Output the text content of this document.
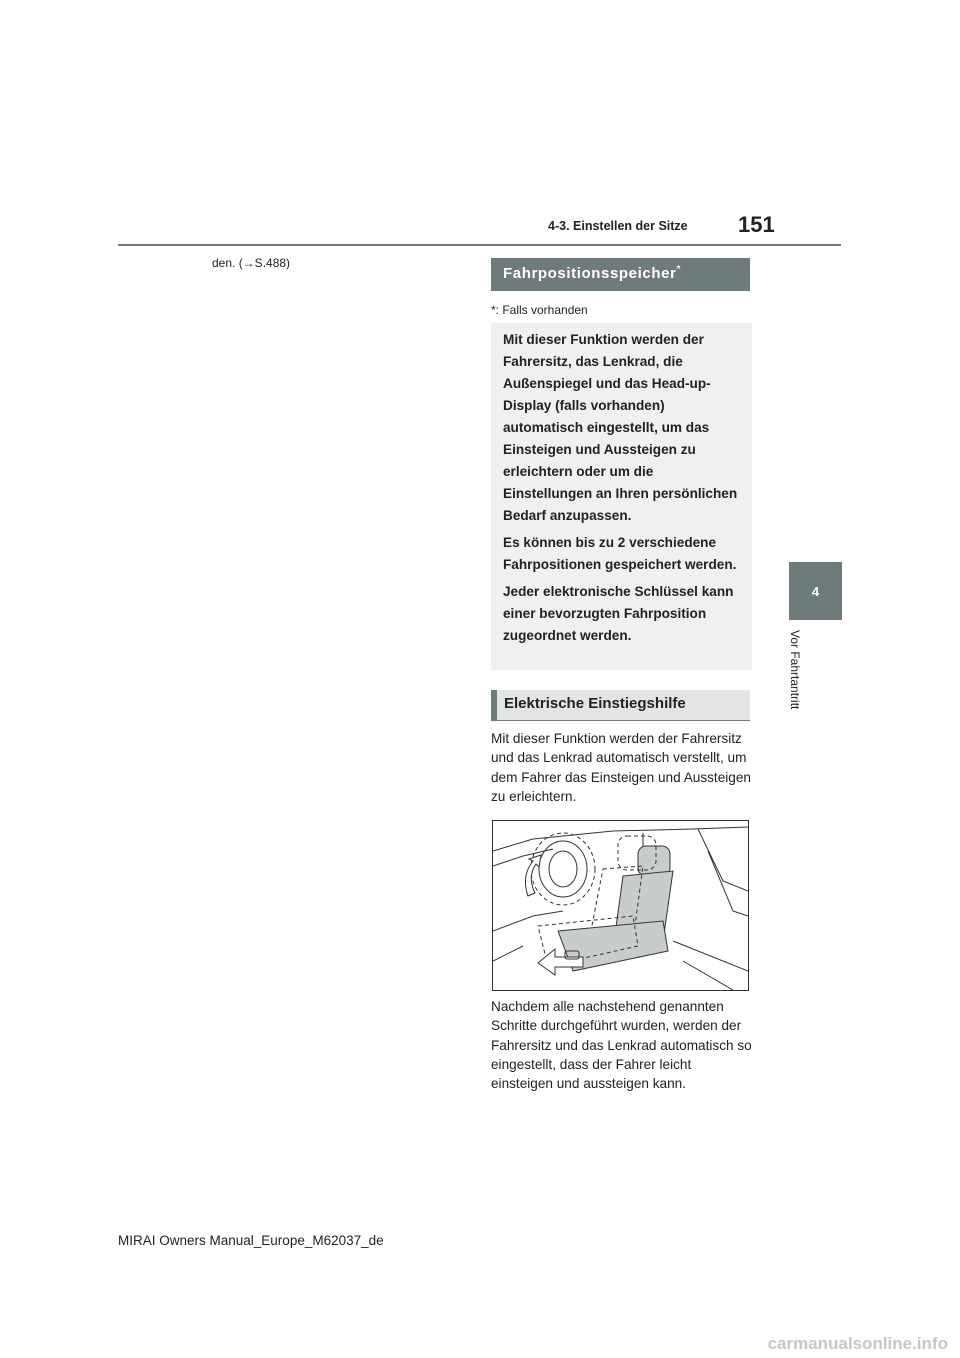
4-3. Einstellen der Sitze 151
4
Vor Fahrtantritt
den. (→S.488)
Fahrpositionsspeicher*
*: Falls vorhanden

Mit dieser Funktion werden der Fahrersitz, das Lenkrad, die Außenspiegel und das Head-up-Display (falls vorhanden) automatisch eingestellt, um das Einsteigen und Aussteigen zu erleichtern oder um die Einstellungen an Ihren persönlichen Bedarf anzupassen.

Es können bis zu 2 verschiedene Fahrpositionen gespeichert werden.

Jeder elektronische Schlüssel kann einer bevorzugten Fahrposition zugeordnet werden.

Elektrische Einstiegshilfe

Mit dieser Funktion werden der Fahrersitz und das Lenkrad automatisch verstellt, um dem Fahrer das Einsteigen und Aussteigen zu erleichtern.

Nachdem alle nachstehend genannten Schritte durchgeführt wurden, werden der Fahrersitz und das Lenkrad automatisch so eingestellt, dass der Fahrer leicht einsteigen und aussteigen kann.

MIRAI Owners Manual_Europe_M62037_de
carmanualsonline.info
